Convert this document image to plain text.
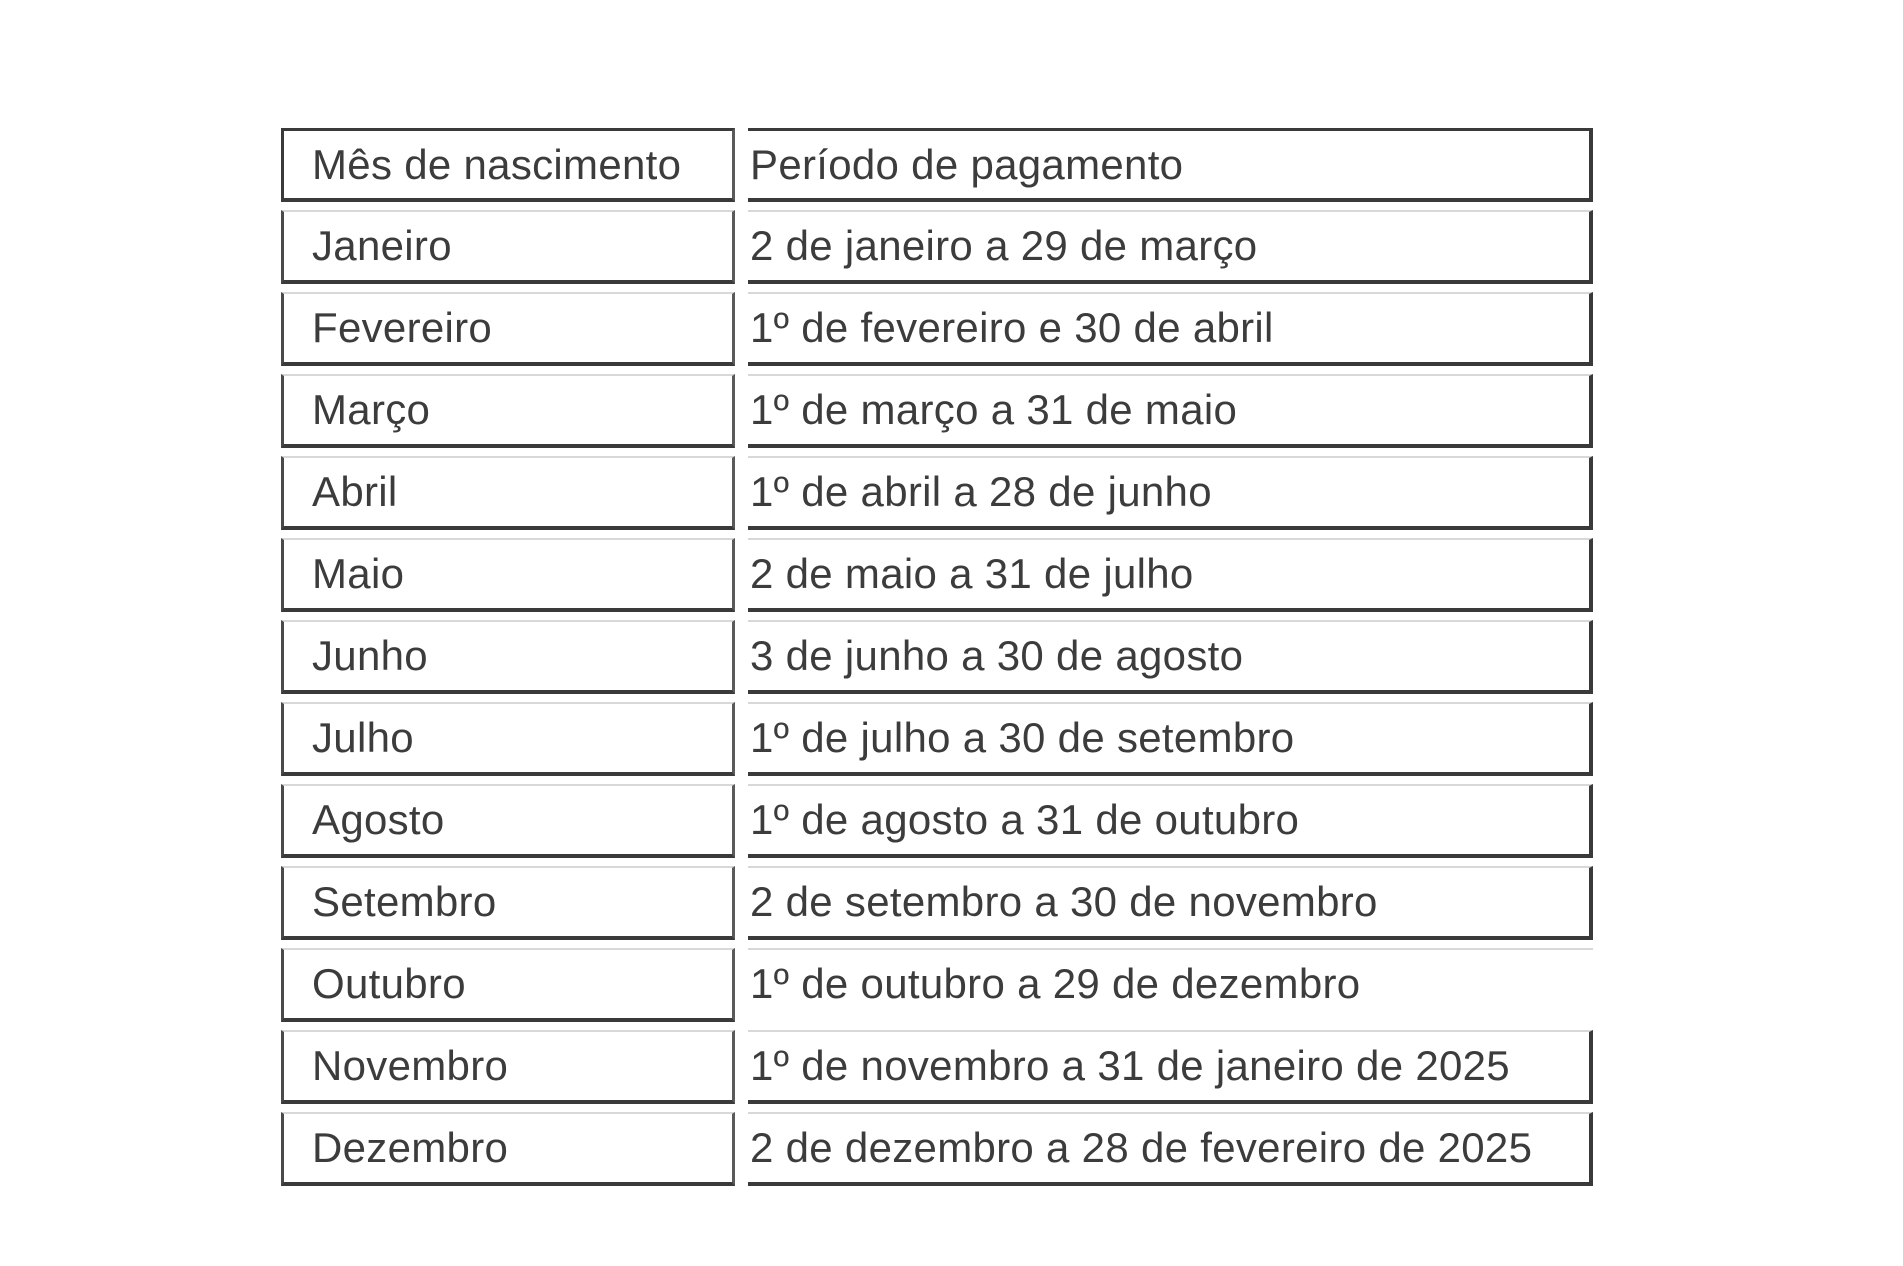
Mês de nascimento	Período de pagamento
Janeiro	2 de janeiro a 29 de março
Fevereiro	1º de fevereiro e 30 de abril
Março	1º de março a 31 de maio
Abril	1º de abril a 28 de junho
Maio	2 de maio a 31 de julho
Junho	3 de junho a 30 de agosto
Julho	1º de julho a 30 de setembro
Agosto	1º de agosto a 31 de outubro
Setembro	2 de setembro a 30 de novembro
Outubro	1º de outubro a 29 de dezembro
Novembro	1º de novembro a 31 de janeiro de 2025
Dezembro	2 de dezembro a 28 de fevereiro de 2025
